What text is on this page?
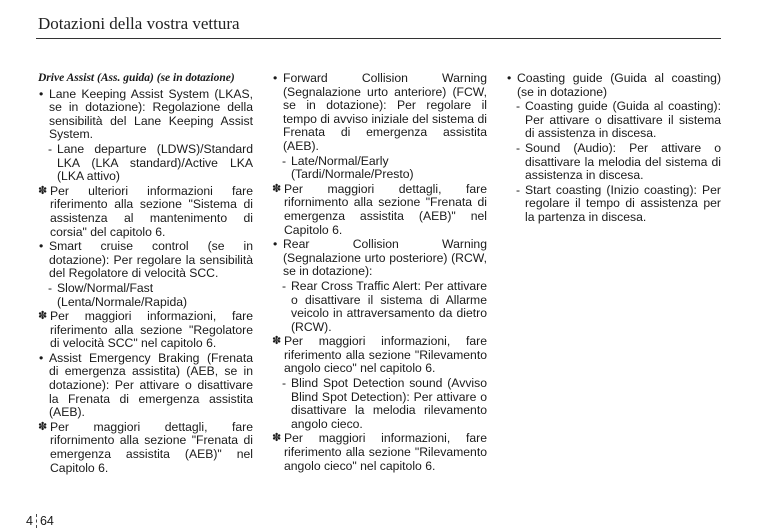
Dotazioni della vostra vettura
Drive Assist (Ass. guida) (se in dotazione)
• Lane Keeping Assist System (LKAS, se in dotazione): Regolazione della sensibilità del Lane Keeping Assist System.
- Lane departure (LDWS)/Standard LKA (LKA standard)/Active LKA (LKA attivo)
✽ Per ulteriori informazioni fare riferimento alla sezione "Sistema di assistenza al mantenimento di corsia" del capitolo 6.
• Smart cruise control (se in dotazione): Per regolare la sensibilità del Regolatore di velocità SCC.
- Slow/Normal/Fast (Lenta/Normale/Rapida)
✽ Per maggiori informazioni, fare riferimento alla sezione "Regolatore di velocità SCC" nel capitolo 6.
• Assist Emergency Braking (Frenata di emergenza assistita) (AEB, se in dotazione): Per attivare o disattivare la Frenata di emergenza assistita (AEB).
✽ Per maggiori dettagli, fare rifornimento alla sezione "Frenata di emergenza assistita (AEB)" nel Capitolo 6.
• Forward Collision Warning (Segnalazione urto anteriore) (FCW, se in dotazione): Per regolare il tempo di avviso iniziale del sistema di Frenata di emergenza assistita (AEB).
- Late/Normal/Early (Tardi/Normale/Presto)
✽ Per maggiori dettagli, fare rifornimento alla sezione "Frenata di emergenza assistita (AEB)" nel Capitolo 6.
• Rear Collision Warning (Segnalazione urto posteriore) (RCW, se in dotazione):
- Rear Cross Traffic Alert: Per attivare o disattivare il sistema di Allarme veicolo in attraversamento da dietro (RCW).
✽ Per maggiori informazioni, fare riferimento alla sezione "Rilevamento angolo cieco" nel capitolo 6.
- Blind Spot Detection sound (Avviso Blind Spot Detection): Per attivare o disattivare la melodia rilevamento angolo cieco.
✽ Per maggiori informazioni, fare riferimento alla sezione "Rilevamento angolo cieco" nel capitolo 6.
• Coasting guide (Guida al coasting) (se in dotazione)
- Coasting guide (Guida al coasting): Per attivare o disattivare il sistema di assistenza in discesa.
- Sound (Audio): Per attivare o disattivare la melodia del sistema di assistenza in discesa.
- Start coasting (Inizio coasting): Per regolare il tempo di assistenza per la partenza in discesa.
4 64
